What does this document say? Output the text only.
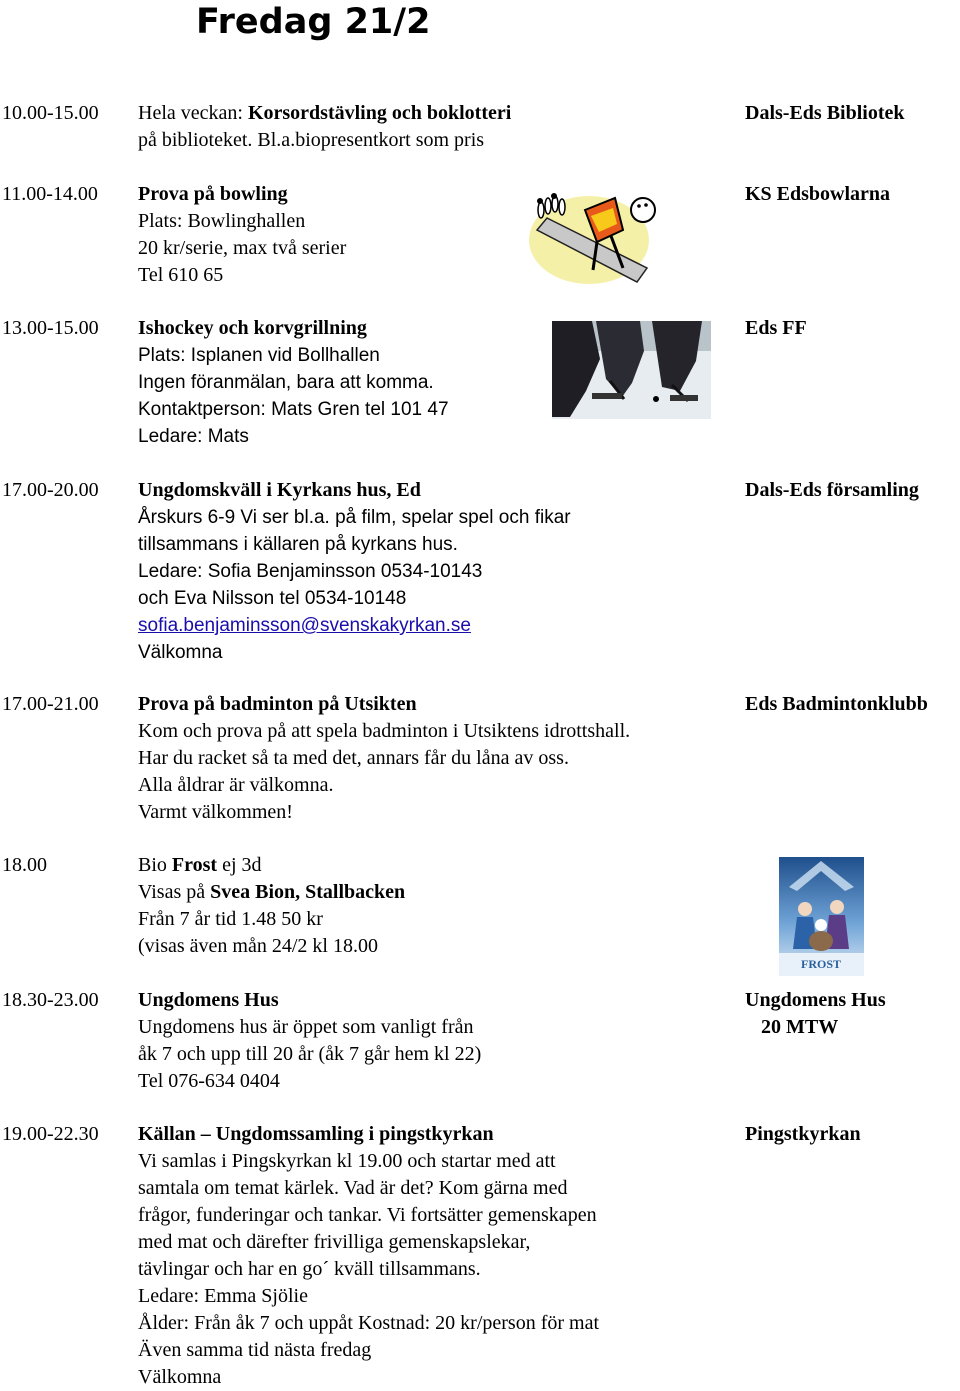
Fredag 21/2
10.00-15.00 Hela veckan: Korsordstävling och boklotteri
på biblioteket. Bl.a.biopresentkort som pris
Dals-Eds Bibliotek
11.00-14.00 Prova på bowling
Plats: Bowlinghallen
20 kr/serie, max två serier
Tel 610 65
KS Edsbowlarna
13.00-15.00 Ishockey och korvgrillning
Plats: Isplanen vid Bollhallen
Ingen föranmälan, bara att komma.
Kontaktperson: Mats Gren tel 101 47
Ledare: Mats
Eds FF
17.00-20.00 Ungdomskväll i Kyrkans hus, Ed
Årskurs 6-9 Vi ser bl.a. på film, spelar spel och fikar
tillsammans i källaren på kyrkans hus.
Ledare: Sofia Benjaminsson 0534-10143
och Eva Nilsson tel 0534-10148
sofia.benjaminsson@svenskakyrkan.se
Välkomna
Dals-Eds församling
17.00-21.00 Prova på badminton på Utsikten
Kom och prova på att spela badminton i Utsiktens idrottshall.
Har du racket så ta med det, annars får du låna av oss.
Alla åldrar är välkomna.
Varmt välkommen!
Eds Badmintonklubb
18.00	Bio Frost ej 3d
Visas på Svea Bion, Stallbacken
Från 7 år tid 1.48 50 kr
(visas även mån 24/2 kl 18.00
FROST
18.30-23.00 Ungdomens Hus
Ungdomens hus är öppet som vanligt från
åk 7 och upp till 20 år (åk 7 går hem kl 22)
Tel 076-634 0404
Ungdomens Hus
20 MTW
19.00-22.30 Källan – Ungdomssamling i pingstkyrkan
Vi samlas i Pingskyrkan kl 19.00 och startar med att
samtala om temat kärlek. Vad är det? Kom gärna med
frågor, funderingar och tankar. Vi fortsätter gemenskapen
med mat och därefter frivilliga gemenskapslekar,
tävlingar och har en go´ kväll tillsammans.
Ledare: Emma Sjölie
Ålder: Från åk 7 och uppåt Kostnad: 20 kr/person för mat
Även samma tid nästa fredag
Välkomna
Pingstkyrkan
